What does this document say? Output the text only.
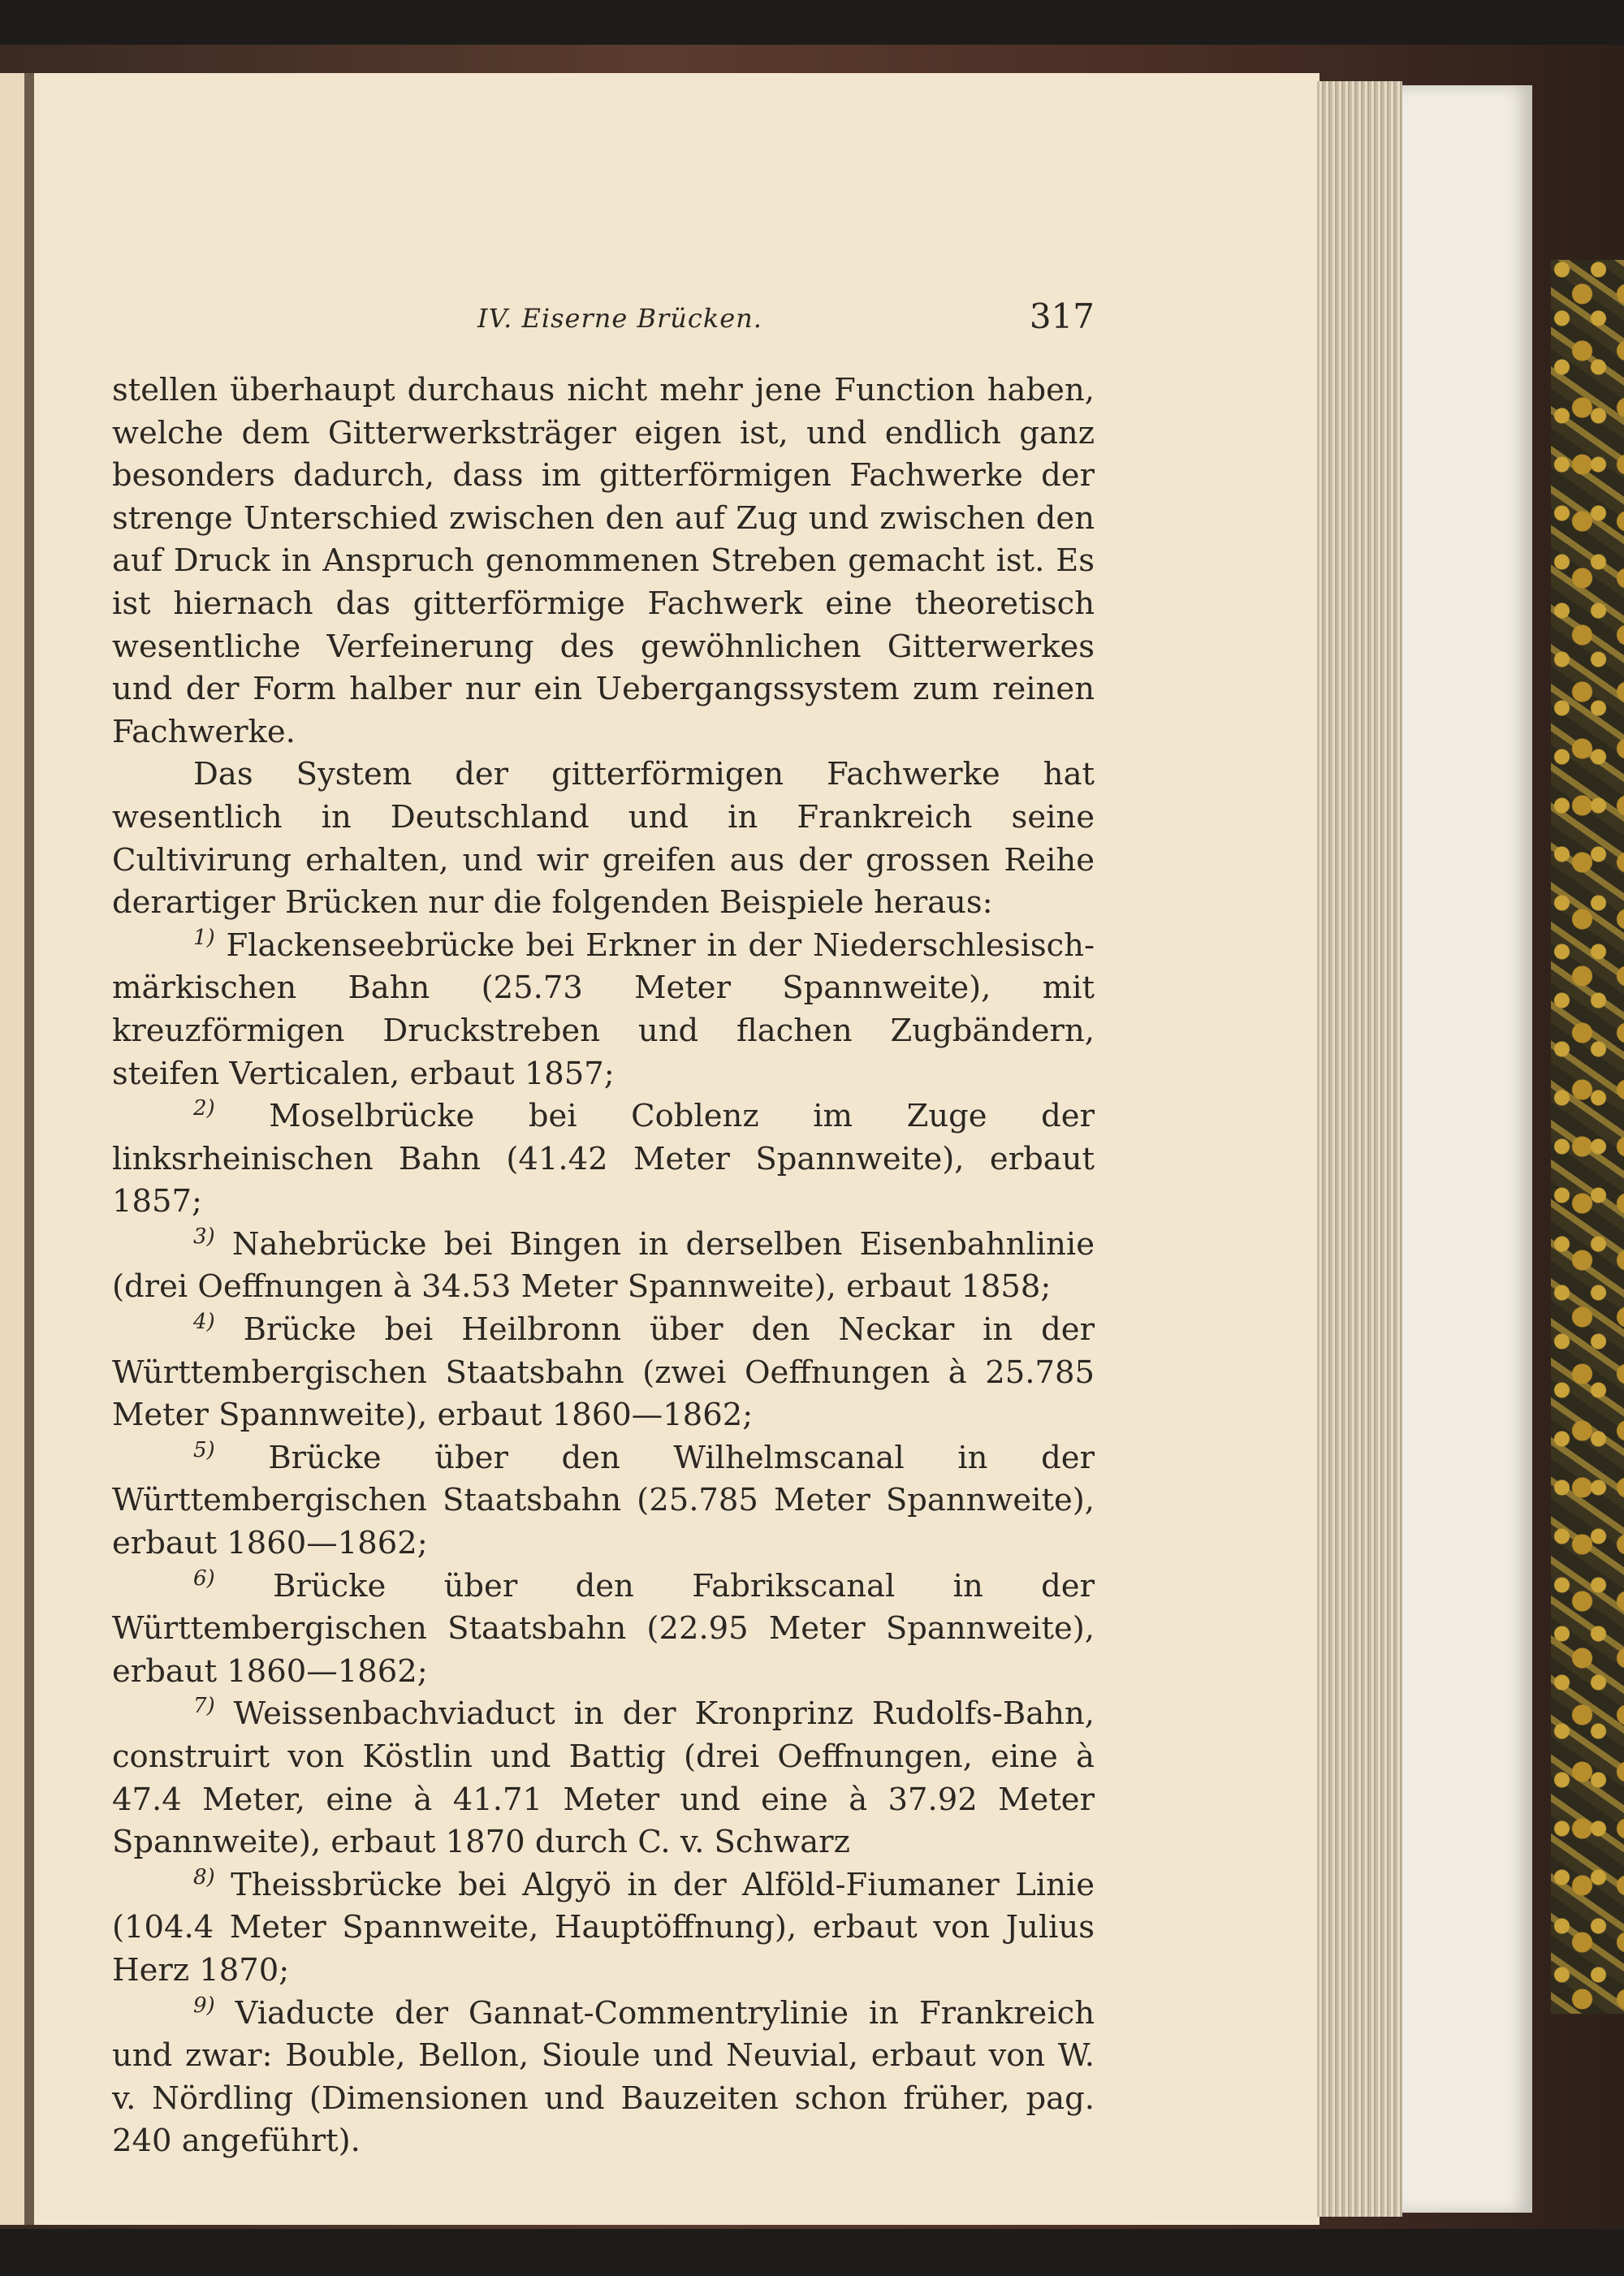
IV. Eiserne Brücken.	317

stellen überhaupt durchaus nicht mehr jene Function haben, welche dem Gitterwerksträger eigen ist, und endlich ganz besonders dadurch, dass im gitterförmigen Fachwerke der strenge Unterschied zwischen den auf Zug und zwischen den auf Druck in Anspruch genommenen Streben gemacht ist. Es ist hiernach das gitterförmige Fachwerk eine theoretisch wesentliche Verfeinerung des gewöhnlichen Gitterwerkes und der Form halber nur ein Uebergangssystem zum reinen Fachwerke.

Das System der gitterförmigen Fachwerke hat wesentlich in Deutschland und in Frankreich seine Cultivirung erhalten, und wir greifen aus der grossen Reihe derartiger Brücken nur die folgenden Beispiele heraus:

$^{1)}$ Flackenseebrücke bei Erkner in der Niederschlesisch-märkischen Bahn (25.73 Meter Spannweite), mit kreuzförmigen Druckstreben und flachen Zugbändern, steifen Verticalen, erbaut 1857;

$^{2)}$ Moselbrücke bei Coblenz im Zuge der linksrheinischen Bahn (41.42 Meter Spannweite), erbaut 1857;

$^{3)}$ Nahebrücke bei Bingen in derselben Eisenbahnlinie (drei Oeffnungen à 34.53 Meter Spannweite), erbaut 1858;

$^{4)}$ Brücke bei Heilbronn über den Neckar in der Württembergischen Staatsbahn (zwei Oeffnungen à 25.785 Meter Spannweite), erbaut 1860—1862;

$^{5)}$ Brücke über den Wilhelmscanal in der Württembergischen Staatsbahn (25.785 Meter Spannweite), erbaut 1860—1862;

$^{6)}$ Brücke über den Fabrikscanal in der Württembergischen Staatsbahn (22.95 Meter Spannweite), erbaut 1860—1862;

$^{7)}$ Weissenbachviaduct in der Kronprinz Rudolfs-Bahn, construirt von Köstlin und Battig (drei Oeffnungen, eine à 47.4 Meter, eine à 41.71 Meter und eine à 37.92 Meter Spannweite), erbaut 1870 durch C. v. Schwarz

$^{8)}$ Theissbrücke bei Algyö in der Alföld-Fiumaner Linie (104.4 Meter Spannweite, Hauptöffnung), erbaut von Julius Herz 1870;

$^{9)}$ Viaducte der Gannat-Commentrylinie in Frankreich und zwar: Bouble, Bellon, Sioule und Neuvial, erbaut von W. v. Nördling (Dimensionen und Bauzeiten schon früher, pag. 240 angeführt).
